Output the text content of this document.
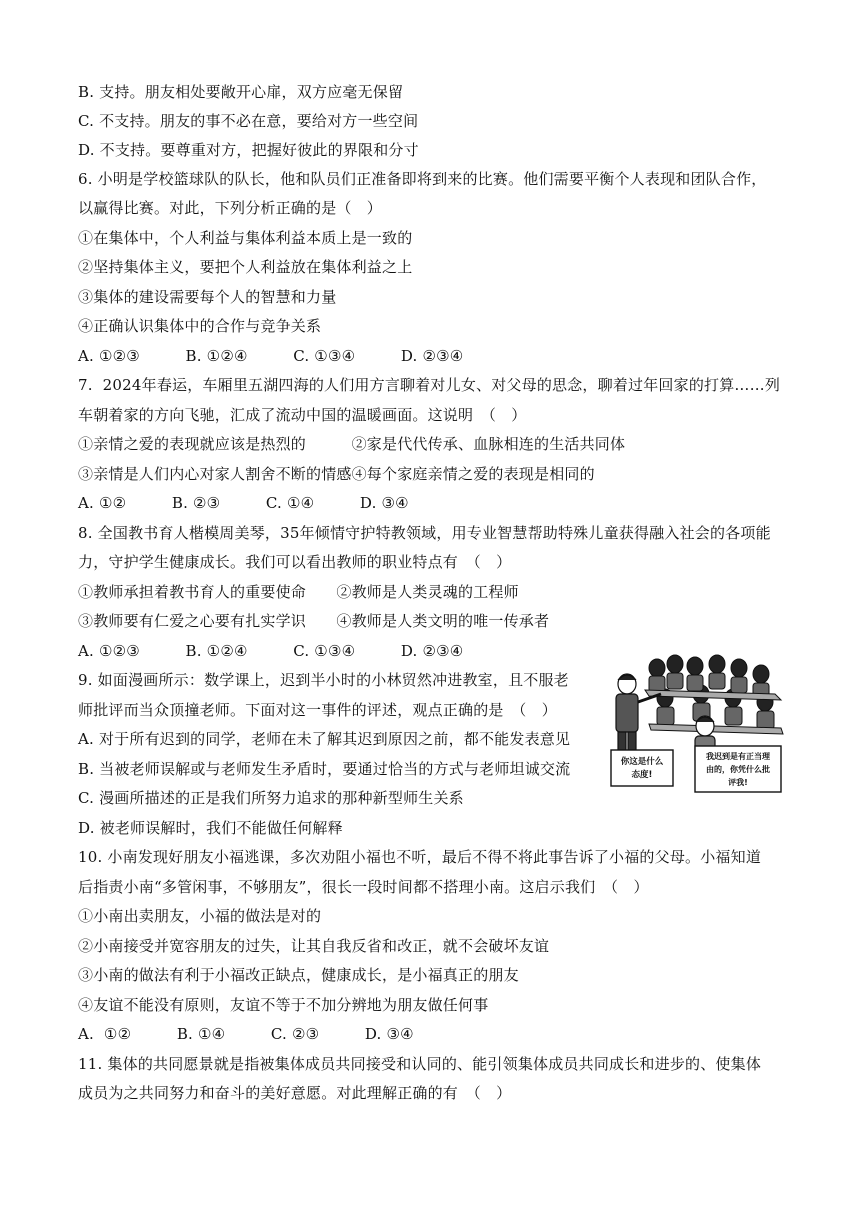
B. 支持。朋友相处要敞开心扉，双方应毫无保留
C. 不支持。朋友的事不必在意，要给对方一些空间
D. 不支持。要尊重对方，把握好彼此的界限和分寸
6. 小明是学校篮球队的队长，他和队员们正准备即将到来的比赛。他们需要平衡个人表现和团队合作，
以赢得比赛。对此，下列分析正确的是（　）
①在集体中，个人利益与集体利益本质上是一致的
②坚持集体主义，要把个人利益放在集体利益之上
③集体的建设需要每个人的智慧和力量
④正确认识集体中的合作与竞争关系
A. ①②③　　　B. ①②④　　　C. ①③④　　　D. ②③④
7.  2024年春运，车厢里五湖四海的人们用方言聊着对儿女、对父母的思念，聊着过年回家的打算……列
车朝着家的方向飞驰，汇成了流动中国的温暖画面。这说明　（　）
①亲情之爱的表现就应该是热烈的　　　②家是代代传承、血脉相连的生活共同体
③亲情是人们内心对家人割舍不断的情感④每个家庭亲情之爱的表现是相同的
A. ①②　　　B. ②③　　　C. ①④　　　D. ③④
8. 全国教书育人楷模周美琴，35年倾情守护特教领域，用专业智慧帮助特殊儿童获得融入社会的各项能
力，守护学生健康成长。我们可以看出教师的职业特点有　（　）
①教师承担着教书育人的重要使命　　②教师是人类灵魂的工程师
③教师要有仁爱之心要有扎实学识　　④教师是人类文明的唯一传承者
A. ①②③　　　B. ①②④　　　C. ①③④　　　D. ②③④
9. 如面漫画所示：数学课上，迟到半小时的小林贸然冲进教室，且不服老
师批评而当众顶撞老师。下面对这一事件的评述，观点正确的是　（　）
A. 对于所有迟到的同学，老师在未了解其迟到原因之前，都不能发表意见
B. 当被老师误解或与老师发生矛盾时，要通过恰当的方式与老师坦诚交流
C. 漫画所描述的正是我们所努力追求的那种新型师生关系
D. 被老师误解时，我们不能做任何解释
10. 小南发现好朋友小福逃课，多次劝阻小福也不听，最后不得不将此事告诉了小福的父母。小福知道
后指责小南“多管闲事，不够朋友”，很长一段时间都不搭理小南。这启示我们　（　）
①小南出卖朋友，小福的做法是对的
②小南接受并宽容朋友的过失，让其自我反省和改正，就不会破坏友谊
③小南的做法有利于小福改正缺点，健康成长，是小福真正的朋友
④友谊不能没有原则，友谊不等于不加分辨地为朋友做任何事
A.  ①②　　　B. ①④　　　C. ②③　　　D. ③④
11. 集体的共同愿景就是指被集体成员共同接受和认同的、能引领集体成员共同成长和进步的、使集体
成员为之共同努力和奋斗的美好意愿。对此理解正确的有　（　）
你这是什么
态度!
我迟到是有正当理
由的，你凭什么批
评我!
